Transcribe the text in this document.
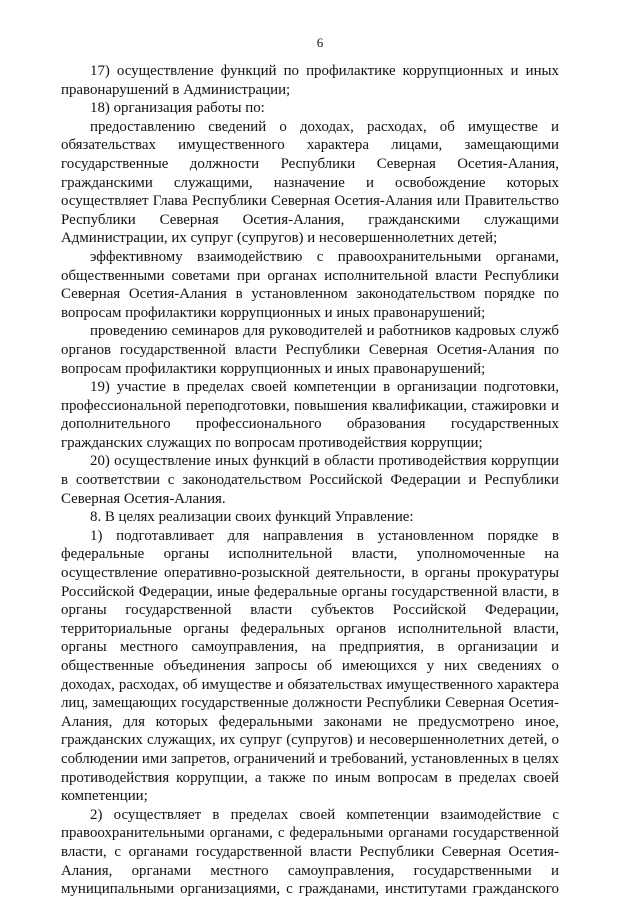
6
17) осуществление функций по профилактике коррупционных и иных
правонарушений в Администрации;
18) организация работы по:
предоставлению сведений о доходах, расходах, об имуществе и
обязательствах имущественного характера лицами, замещающими
государственные должности Республики Северная Осетия-Алания,
гражданскими служащими, назначение и освобождение которых
осуществляет Глава Республики Северная Осетия-Алания или Правительство
Республики Северная Осетия-Алания, гражданскими служащими
Администрации, их супруг (супругов) и несовершеннолетних детей;
эффективному взаимодействию с правоохранительными органами,
общественными советами при органах исполнительной власти Республики
Северная Осетия-Алания в установленном законодательством порядке по
вопросам профилактики коррупционных и иных правонарушений;
проведению семинаров для руководителей и работников кадровых служб
органов государственной власти Республики Северная Осетия-Алания по
вопросам профилактики коррупционных и иных правонарушений;
19) участие в пределах своей компетенции в организации подготовки,
профессиональной переподготовки, повышения квалификации, стажировки и
дополнительного профессионального образования государственных
гражданских служащих по вопросам противодействия коррупции;
20) осуществление иных функций в области противодействия коррупции
в соответствии с законодательством Российской Федерации и Республики
Северная Осетия-Алания.
8. В целях реализации своих функций Управление:
1) подготавливает для направления в установленном порядке в
федеральные органы исполнительной власти, уполномоченные на
осуществление оперативно-розыскной деятельности, в органы прокуратуры
Российской Федерации, иные федеральные органы государственной власти, в
органы государственной власти субъектов Российской Федерации,
территориальные органы федеральных органов исполнительной власти,
органы местного самоуправления, на предприятия, в организации и
общественные объединения запросы об имеющихся у них сведениях о
доходах, расходах, об имуществе и обязательствах имущественного характера
лиц, замещающих государственные должности Республики Северная Осетия-
Алания, для которых федеральными законами не предусмотрено иное,
гражданских служащих, их супруг (супругов) и несовершеннолетних детей, о
соблюдении ими запретов, ограничений и требований, установленных в целях
противодействия коррупции, а также по иным вопросам в пределах своей
компетенции;
2) осуществляет в пределах своей компетенции взаимодействие с
правоохранительными органами, с федеральными органами государственной
власти, с органами государственной власти Республики Северная Осетия-
Алания, органами местного самоуправления, государственными и
муниципальными организациями, с гражданами, институтами гражданского
